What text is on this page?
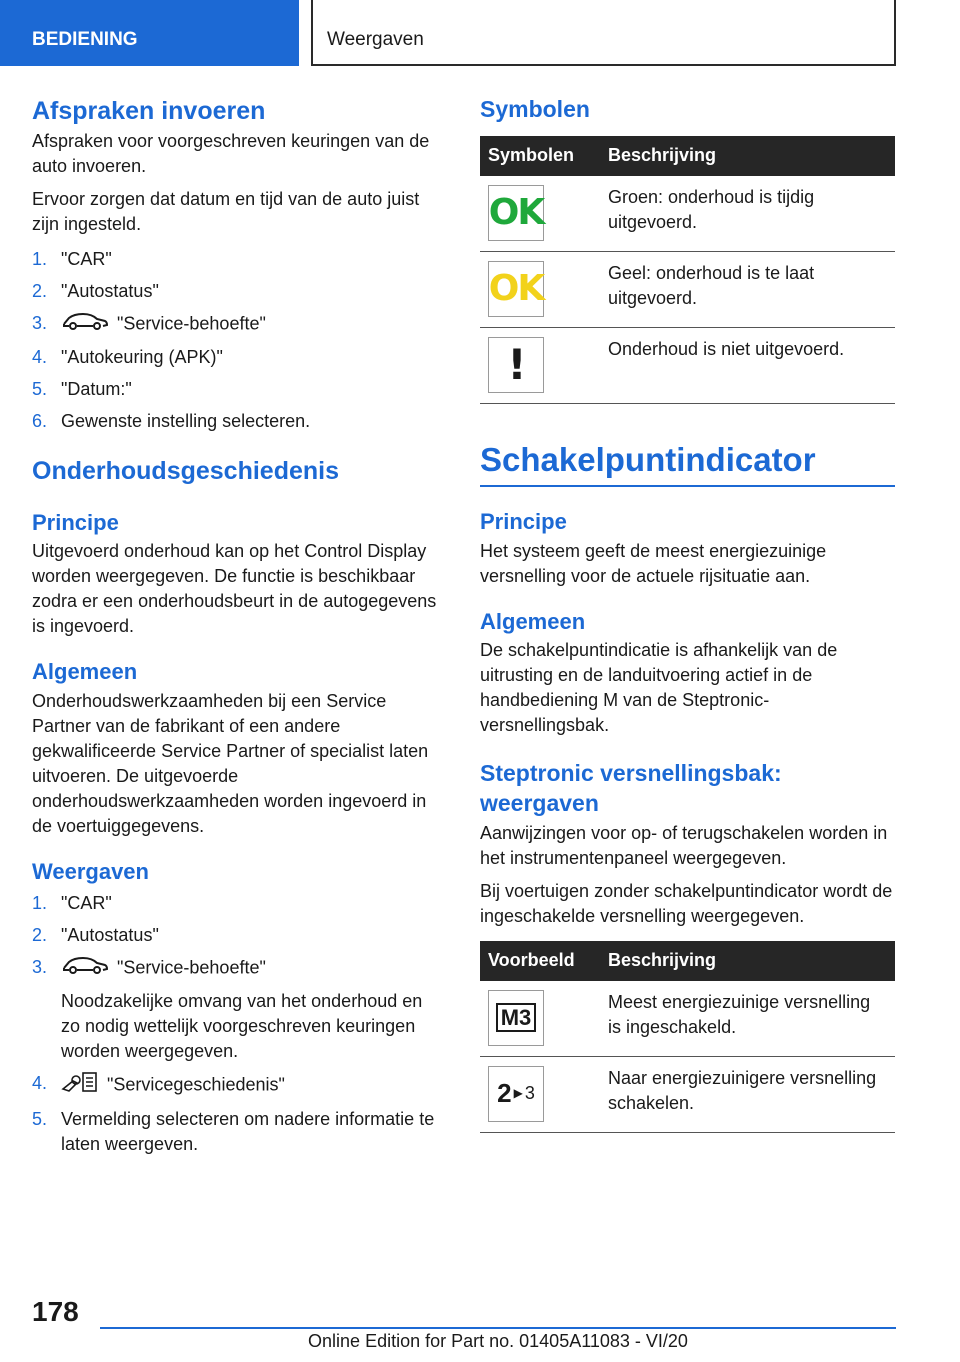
BEDIENING	Weergaven
Afspraken invoeren

Afspraken voor voorgeschreven keuringen van de auto invoeren.

Ervoor zorgen dat datum en tijd van de auto juist zijn ingesteld.

1. "CAR"
2. "Autostatus"
3.	"Service-behoefte"
4. "Autokeuring (APK)"
5. "Datum:"
6. Gewenste instelling selecteren.
Onderhoudsgeschiedenis
Principe

Uitgevoerd onderhoud kan op het Control Display worden weergegeven. De functie is beschikbaar zodra er een onderhoudsbeurt in de autogegevens is ingevoerd.

Algemeen

Onderhoudswerkzaamheden bij een Service Partner van de fabrikant of een andere gekwalificeerde Service Partner of specialist laten uitvoeren. De uitgevoerde onderhoudswerkzaamheden worden ingevoerd in de voertuiggegevens.

Weergaven
1. "CAR"
2. "Autostatus"
3.	"Service-behoefte"
Noodzakelijke omvang van het onderhoud en zo nodig wettelijk voorgeschreven keuringen worden weergegeven.
4.	"Servicegeschiedenis"
5. Vermelding selecteren om nadere informatie te laten weergeven.
Symbolen
Symbolen	Beschrijving

OK	Groen: onderhoud is tijdig uitgevoerd.

OK	Geel: onderhoud is te laat uitgevoerd.

!	Onderhoud is niet uitgevoerd.
Schakelpuntindicator
Principe

Het systeem geeft de meest energiezuinige versnelling voor de actuele rijsituatie aan.

Algemeen

De schakelpuntindicatie is afhankelijk van de uitrusting en de landuitvoering actief in de handbediening M van de Steptronic-versnellingsbak.

Steptronic versnellingsbak: weergaven

Aanwijzingen voor op- of terugschakelen worden in het instrumentenpaneel weergegeven.

Bij voertuigen zonder schakelpuntindicator wordt de ingeschakelde versnelling weergegeven.

Voorbeeld	Beschrijving

M3	Meest energiezuinige versnelling is ingeschakeld.

2 ▶ 3	Naar energiezuinigere versnelling schakelen.
178
Online Edition for Part no. 01405A11083 - VI/20
